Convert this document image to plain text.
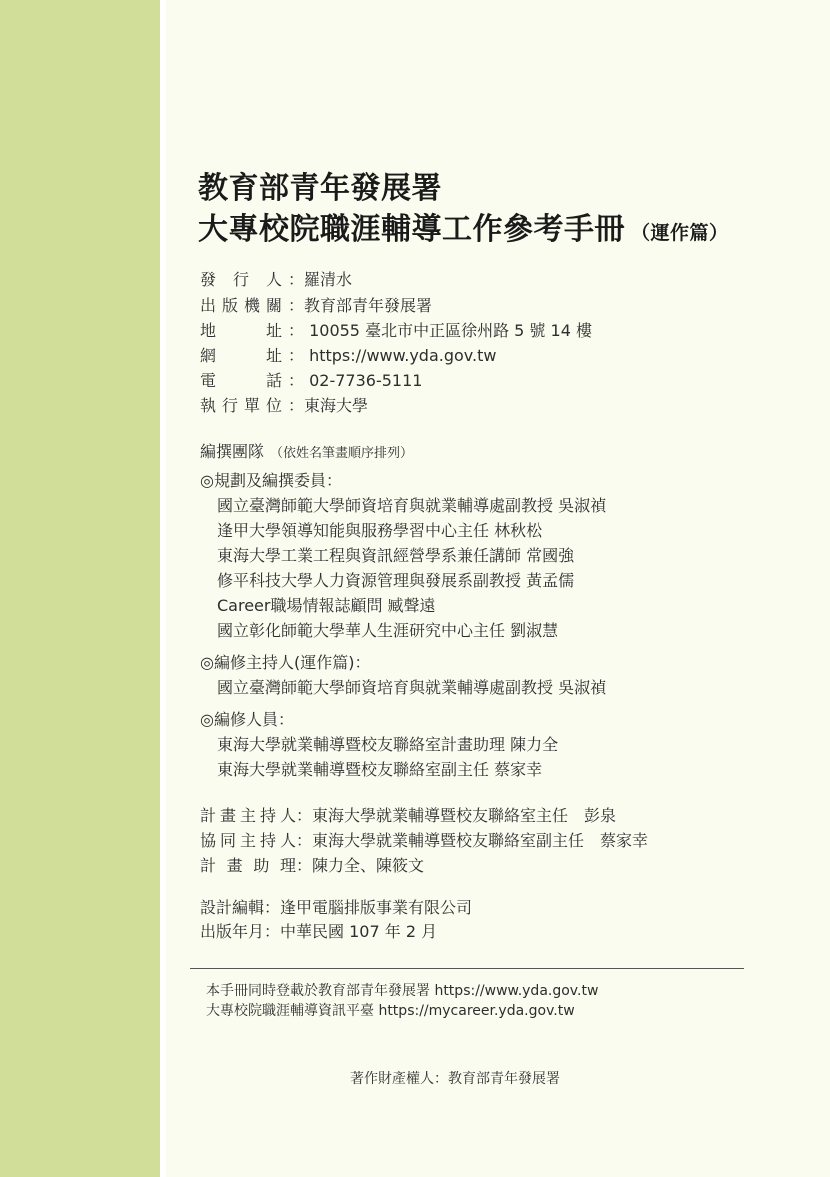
教育部青年發展署
大專校院職涯輔導工作參考手冊 （運作篇）
發 行 人 ：羅清水
出版機關 ：教育部青年發展署
地　　址 ： 10055 臺北市中正區徐州路 5 號 14 樓
網　　址 ： https://www.yda.gov.tw
電　　話 ： 02-7736-5111
執行單位 ：東海大學
編撰團隊 （依姓名筆畫順序排列）
◎規劃及編撰委員：
國立臺灣師範大學師資培育與就業輔導處副教授 吳淑禎
逢甲大學領導知能與服務學習中心主任 林秋松
東海大學工業工程與資訊經營學系兼任講師 常國強
修平科技大學人力資源管理與發展系副教授 黃孟儒
Career職場情報誌顧問 臧聲遠
國立彰化師範大學華人生涯研究中心主任 劉淑慧
◎編修主持人(運作篇)：
國立臺灣師範大學師資培育與就業輔導處副教授 吳淑禎
◎編修人員：
東海大學就業輔導暨校友聯絡室計畫助理 陳力全
東海大學就業輔導暨校友聯絡室副主任 蔡家幸
計畫主持人：東海大學就業輔導暨校友聯絡室主任　彭泉
協同主持人：東海大學就業輔導暨校友聯絡室副主任　蔡家幸
計 畫 助 理：陳力全、陳筱文
設計編輯：逢甲電腦排版事業有限公司
出版年月：中華民國 107 年 2 月
本手冊同時登載於教育部青年發展署 https://www.yda.gov.tw
大專校院職涯輔導資訊平臺 https://mycareer.yda.gov.tw
著作財產權人：教育部青年發展署
